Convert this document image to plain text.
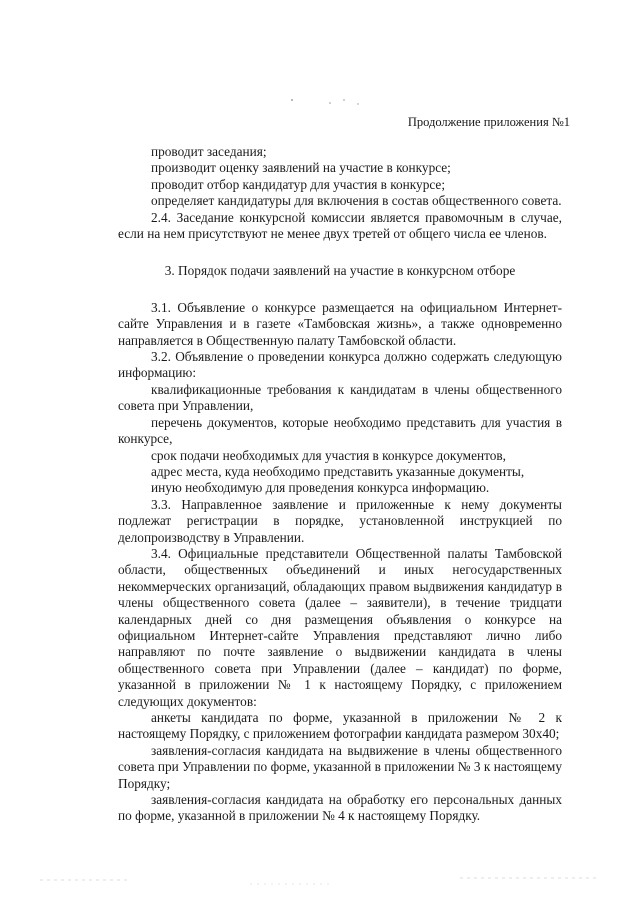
Продолжение приложения №1

проводит заседания;

производит оценку заявлений на участие в конкурсе;

проводит отбор кандидатур для участия в конкурсе;

определяет кандидатуры для включения в состав общественного совета.

2.4. Заседание конкурсной комиссии является правомочным в случае, если на нем присутствуют не менее двух третей от общего числа ее членов.

3. Порядок подачи заявлений на участие в конкурсном отборе

3.1. Объявление о конкурсе размещается на официальном Интернет-сайте Управления и в газете «Тамбовская жизнь», а также одновременно направляется в Общественную палату Тамбовской области.

3.2. Объявление о проведении конкурса должно содержать следующую информацию:

квалификационные требования к кандидатам в члены общественного совета при Управлении,

перечень документов, которые необходимо представить для участия в конкурсе,

срок подачи необходимых для участия в конкурсе документов,

адрес места, куда необходимо представить указанные документы,

иную необходимую для проведения конкурса информацию.

3.3. Направленное заявление и приложенные к нему документы подлежат регистрации в порядке, установленной инструкцией по делопроизводству в Управлении.

3.4. Официальные представители Общественной палаты Тамбовской области, общественных объединений и иных негосударственных некоммерческих организаций, обладающих правом выдвижения кандидатур в члены общественного совета (далее – заявители), в течение тридцати календарных дней со дня размещения объявления о конкурсе на официальном Интернет-сайте Управления представляют лично либо направляют по почте заявление о выдвижении кандидата в члены общественного совета при Управлении (далее – кандидат) по форме, указанной в приложении № 1 к настоящему Порядку, с приложением следующих документов:

анкеты кандидата по форме, указанной в приложении № 2 к настоящему Порядку, с приложением фотографии кандидата размером 30х40;

заявления-согласия кандидата на выдвижение в члены общественного совета при Управлении по форме, указанной в приложении № 3 к настоящему Порядку;

заявления-согласия кандидата на обработку его персональных данных по форме, указанной в приложении № 4 к настоящему Порядку.
